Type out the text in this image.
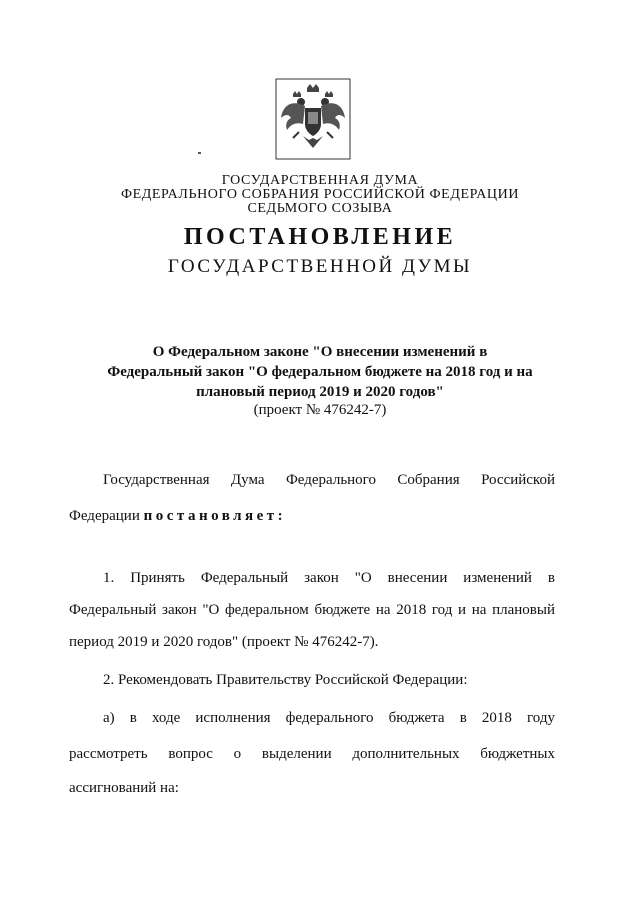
ГОСУДАРСТВЕННАЯ ДУМА
ФЕДЕРАЛЬНОГО СОБРАНИЯ РОССИЙСКОЙ ФЕДЕРАЦИИ
СЕДЬМОГО СОЗЫВА
ПОСТАНОВЛЕНИЕ
ГОСУДАРСТВЕННОЙ ДУМЫ
О Федеральном законе "О внесении изменений в
Федеральный закон "О федеральном бюджете на 2018 год и на
плановый период 2019 и 2020 годов"
(проект № 476242-7)
Государственная Дума Федерального Собрания Российской
Федерации постановляет:
1. Принять Федеральный закон "О внесении изменений в
Федеральный закон "О федеральном бюджете на 2018 год и на плановый
период 2019 и 2020 годов" (проект № 476242-7).
2. Рекомендовать Правительству Российской Федерации:
а) в ходе исполнения федерального бюджета в 2018 году
рассмотреть вопрос о выделении дополнительных бюджетных
ассигнований на:
